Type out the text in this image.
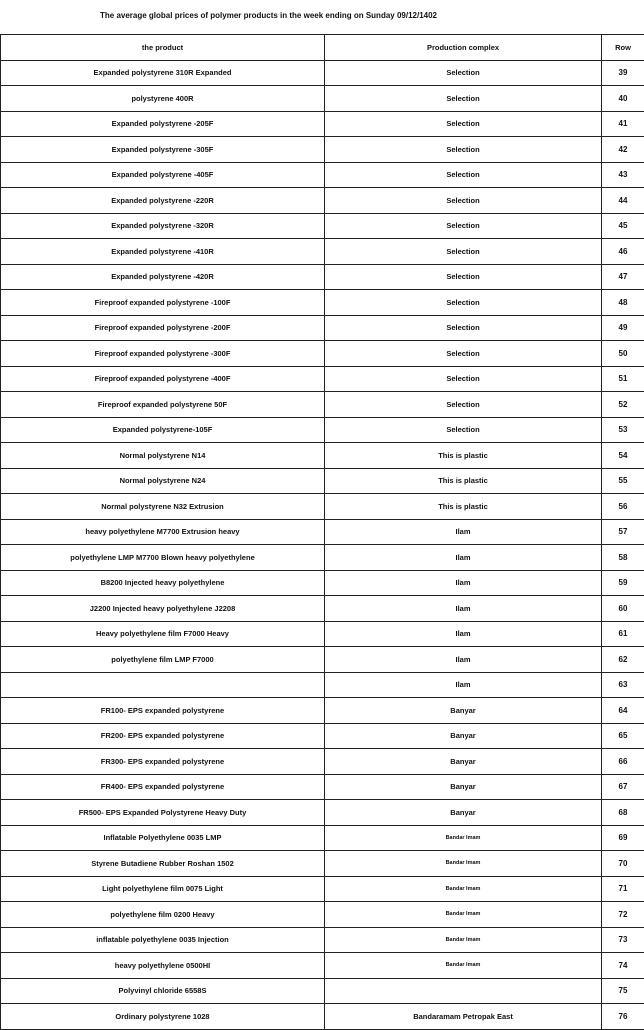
The average global prices of polymer products in the week ending on Sunday 09/12/1402
the product	Production complex	Row
Expanded polystyrene 310R Expanded	Selection	39
polystyrene 400R	Selection	40
Expanded polystyrene -205F	Selection	41
Expanded polystyrene -305F	Selection	42
Expanded polystyrene -405F	Selection	43
Expanded polystyrene -220R	Selection	44
Expanded polystyrene -320R	Selection	45
Expanded polystyrene -410R	Selection	46
Expanded polystyrene -420R	Selection	47
Fireproof expanded polystyrene -100F	Selection	48
Fireproof expanded polystyrene -200F	Selection	49
Fireproof expanded polystyrene -300F	Selection	50
Fireproof expanded polystyrene -400F	Selection	51
Fireproof expanded polystyrene 50F	Selection	52
Expanded polystyrene-105F	Selection	53
Normal polystyrene N14	This is plastic	54
Normal polystyrene N24	This is plastic	55
Normal polystyrene N32 Extrusion	This is plastic	56
heavy polyethylene M7700 Extrusion heavy	Ilam	57
polyethylene LMP M7700 Blown heavy polyethylene	Ilam	58
B8200 Injected heavy polyethylene	Ilam	59
J2200 Injected heavy polyethylene J2208	Ilam	60
Heavy polyethylene film F7000 Heavy	Ilam	61
polyethylene film LMP F7000	Ilam	62
	Ilam	63
FR100- EPS expanded polystyrene	Banyar	64
FR200- EPS expanded polystyrene	Banyar	65
FR300- EPS expanded polystyrene	Banyar	66
FR400- EPS expanded polystyrene	Banyar	67
FR500- EPS Expanded Polystyrene Heavy Duty	Banyar	68
Inflatable Polyethylene 0035 LMP	Bandar Imam	69
Styrene Butadiene Rubber Roshan 1502	Bandar Imam	70
Light polyethylene film 0075 Light	Bandar Imam	71
polyethylene film 0200 Heavy	Bandar Imam	72
inflatable polyethylene 0035 Injection	Bandar Imam	73
heavy polyethylene 0500HI	Bandar Imam	74
Polyvinyl chloride 6558S		75
Ordinary polystyrene 1028	Bandaramam Petropak East	76
